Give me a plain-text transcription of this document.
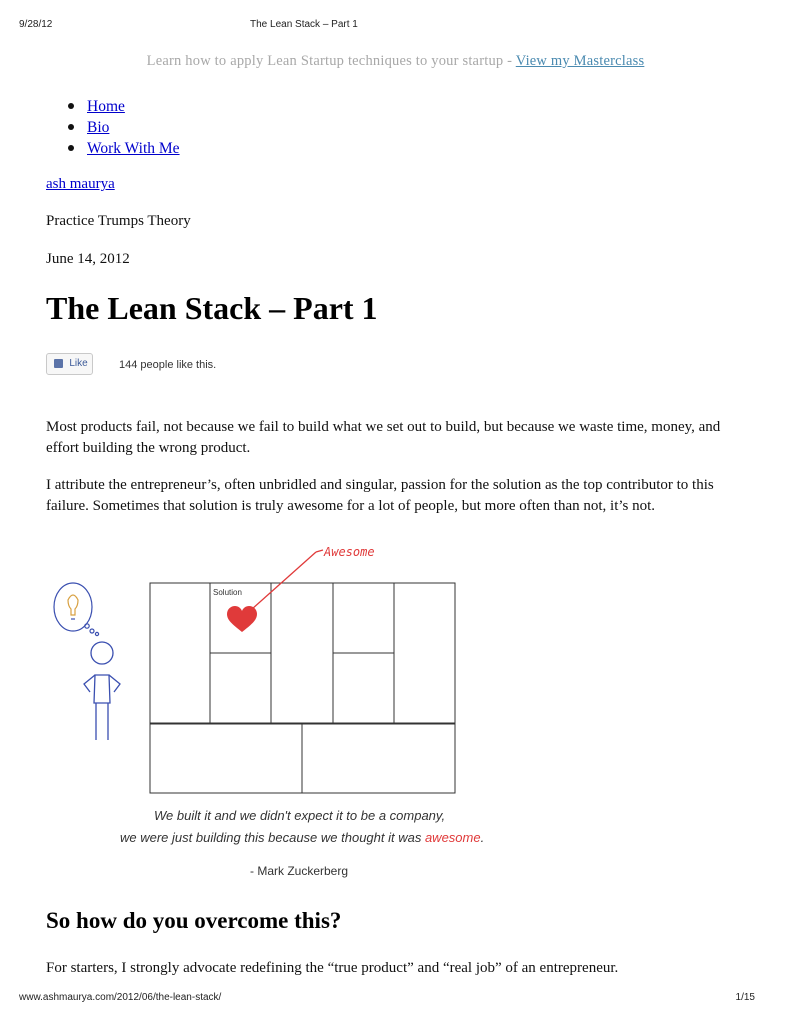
9/28/12	The Lean Stack – Part 1
Learn how to apply Lean Startup techniques to your startup - View my Masterclass
Home
Bio
Work With Me
ash maurya
Practice Trumps Theory
June 14, 2012
The Lean Stack – Part 1
Like	144 people like this.

Most products fail, not because we fail to build what we set out to build, but because we waste time, money, and effort building the wrong product.

I attribute the entrepreneur’s, often unbridled and singular, passion for the solution as the top contributor to this failure. Sometimes that solution is truly awesome for a lot of people, but more often than not, it’s not.

Solution
Awesome
We built it and we didn't expect it to be a company,
we were just building this because we thought it was awesome.
- Mark Zuckerberg
So how do you overcome this?

For starters, I strongly advocate redefining the “true product” and “real job” of an entrepreneur.

www.ashmaurya.com/2012/06/the-lean-stack/	1/15
